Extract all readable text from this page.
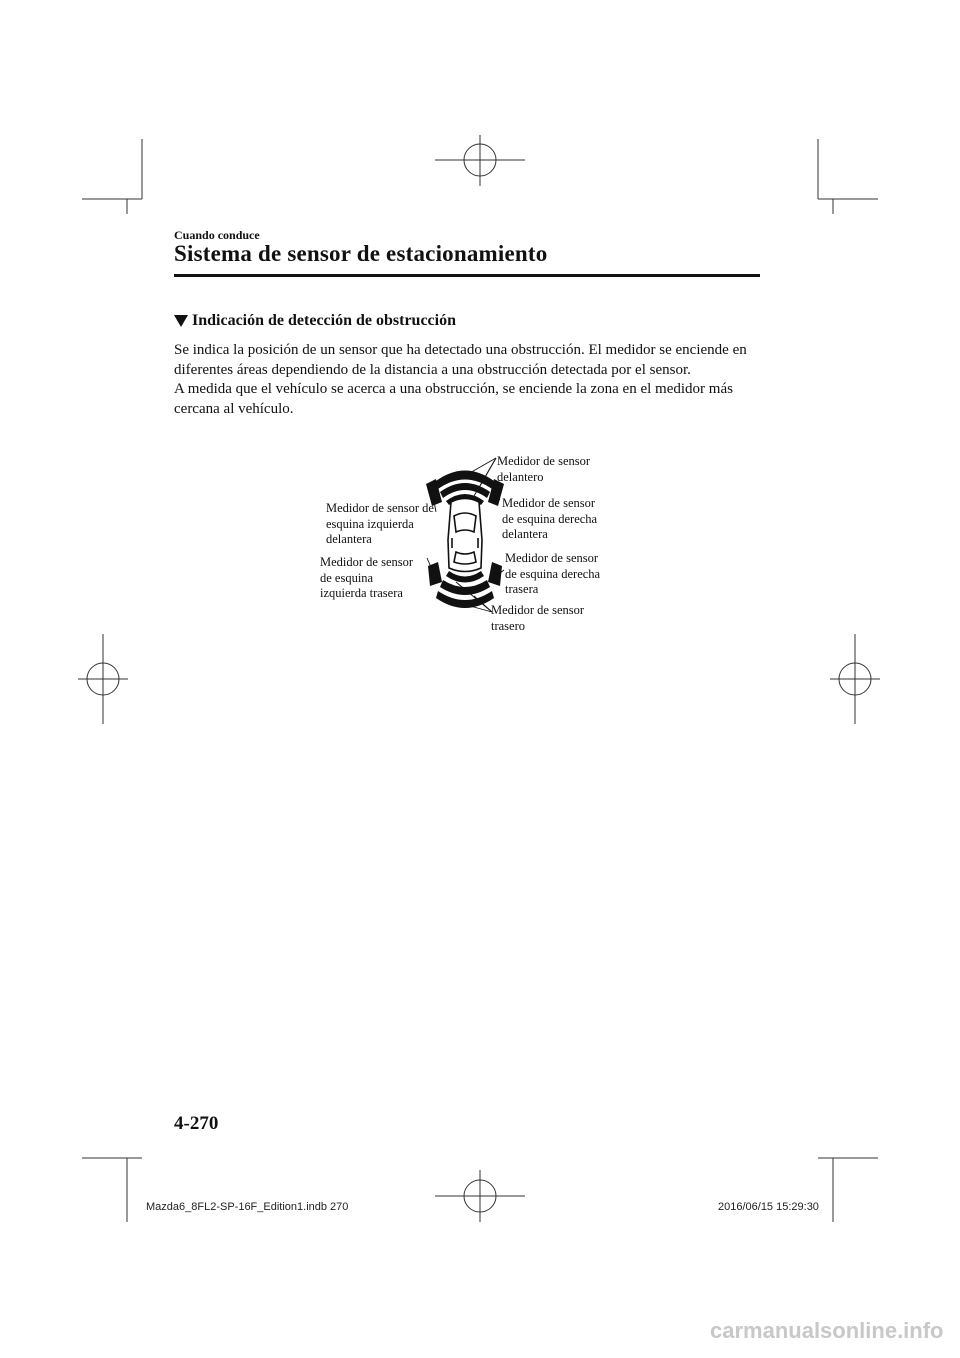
Cuando conduce
Sistema de sensor de estacionamiento
Indicación de detección de obstrucción

Se indica la posición de un sensor que ha detectado una obstrucción. El medidor se enciende en diferentes áreas dependiendo de la distancia a una obstrucción detectada por el sensor.

A medida que el vehículo se acerca a una obstrucción, se enciende la zona en el medidor más cercana al vehículo.

Medidor de sensor
delantero
Medidor de sensor
de esquina derecha
delantera
Medidor de sensor de
esquina izquierda
delantera
Medidor de sensor
de esquina
izquierda trasera
Medidor de sensor
de esquina derecha
trasera
Medidor de sensor
trasero
4-270
Mazda6_8FL2-SP-16F_Edition1.indb 270	2016/06/15 15:29:30
carmanualsonline.info
